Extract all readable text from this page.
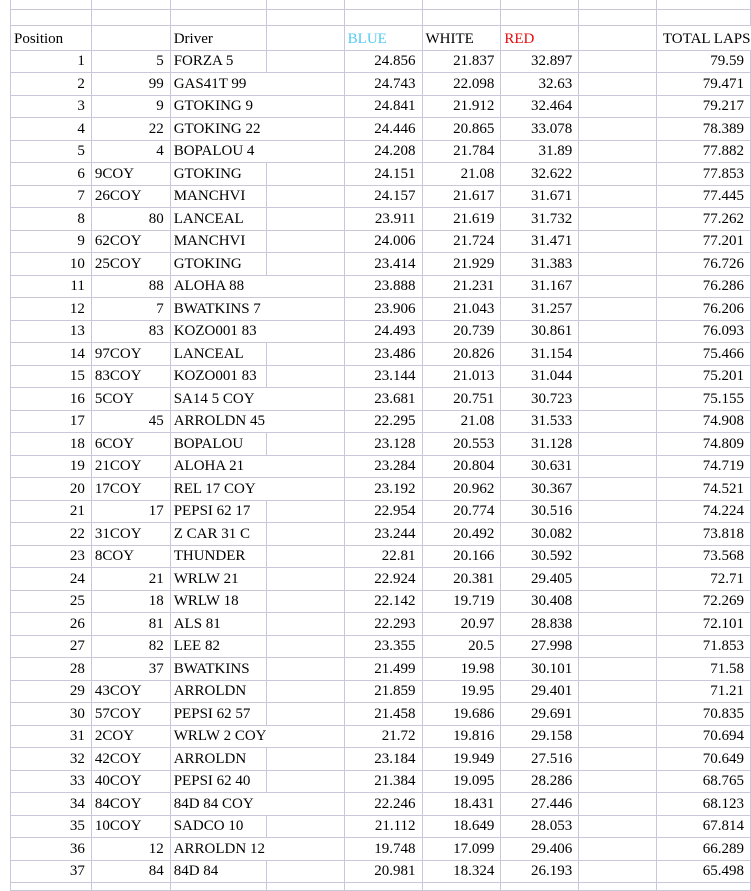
Position		Driver		BLUE	WHITE	RED		TOTAL LAPS
1	5	FORZA 5		24.856	21.837	32.897		79.59
2	99	GAS41T 99		24.743	22.098	32.63		79.471
3	9	GTOKING 9		24.841	21.912	32.464		79.217
4	22	GTOKING 22		24.446	20.865	33.078		78.389
5	4	BOPALOU 4		24.208	21.784	31.89		77.882
6	9COY	GTOKING		24.151	21.08	32.622		77.853
7	26COY	MANCHVI		24.157	21.617	31.671		77.445
8	80	LANCEAL		23.911	21.619	31.732		77.262
9	62COY	MANCHVI		24.006	21.724	31.471		77.201
10	25COY	GTOKING		23.414	21.929	31.383		76.726
11	88	ALOHA 88		23.888	21.231	31.167		76.286
12	7	BWATKINS 7		23.906	21.043	31.257		76.206
13	83	KOZO001 83		24.493	20.739	30.861		76.093
14	97COY	LANCEAL		23.486	20.826	31.154		75.466
15	83COY	KOZO001 83		23.144	21.013	31.044		75.201
16	5COY	SA14 5 COY		23.681	20.751	30.723		75.155
17	45	ARROLDN 45		22.295	21.08	31.533		74.908
18	6COY	BOPALOU		23.128	20.553	31.128		74.809
19	21COY	ALOHA 21		23.284	20.804	30.631		74.719
20	17COY	REL 17 COY		23.192	20.962	30.367		74.521
21	17	PEPSI 62 17		22.954	20.774	30.516		74.224
22	31COY	Z CAR 31 C		23.244	20.492	30.082		73.818
23	8COY	THUNDER		22.81	20.166	30.592		73.568
24	21	WRLW 21		22.924	20.381	29.405		72.71
25	18	WRLW 18		22.142	19.719	30.408		72.269
26	81	ALS 81		22.293	20.97	28.838		72.101
27	82	LEE 82		23.355	20.5	27.998		71.853
28	37	BWATKINS		21.499	19.98	30.101		71.58
29	43COY	ARROLDN		21.859	19.95	29.401		71.21
30	57COY	PEPSI 62 57		21.458	19.686	29.691		70.835
31	2COY	WRLW 2 COY		21.72	19.816	29.158		70.694
32	42COY	ARROLDN		23.184	19.949	27.516		70.649
33	40COY	PEPSI 62 40		21.384	19.095	28.286		68.765
34	84COY	84D 84 COY		22.246	18.431	27.446		68.123
35	10COY	SADCO 10		21.112	18.649	28.053		67.814
36	12	ARROLDN 12		19.748	17.099	29.406		66.289
37	84	84D 84		20.981	18.324	26.193		65.498
